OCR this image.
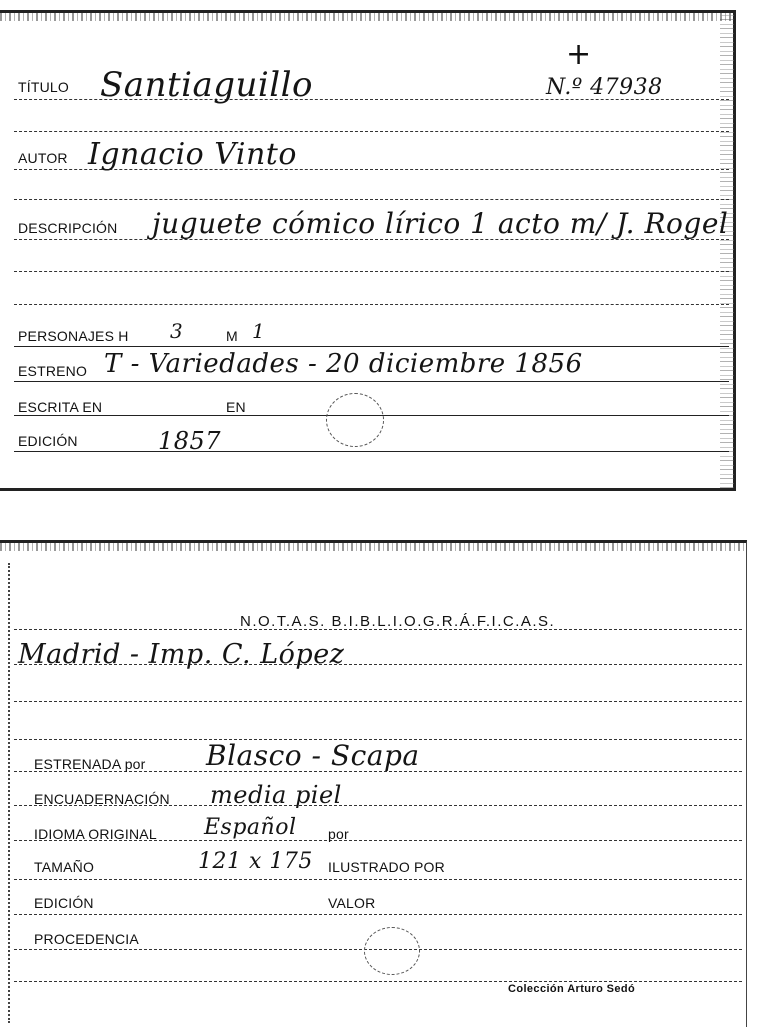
TÍTULO Santiaguillo
+
N.º 47938
AUTOR Ignacio Vinto
DESCRIPCIÓN juguete cómico lírico 1 acto m/ J. Rogel
PERSONAJES H 3	M 1
ESTRENO T - Variedades - 20 diciembre 1856
ESCRITA EN	EN
EDICIÓN	1857
N.O.T.A.S. B.I.B.L.I.O.G.R.Á.F.I.C.A.S.
Madrid - Imp. C. López
ESTRENADA por Blasco - Scapa
ENCUADERNACIÓN media piel
IDIOMA ORIGINAL Español por
TAMAÑO	121 x 175 ILUSTRADO POR
EDICIÓN	VALOR
PROCEDENCIA
Colección Arturo Sedó
